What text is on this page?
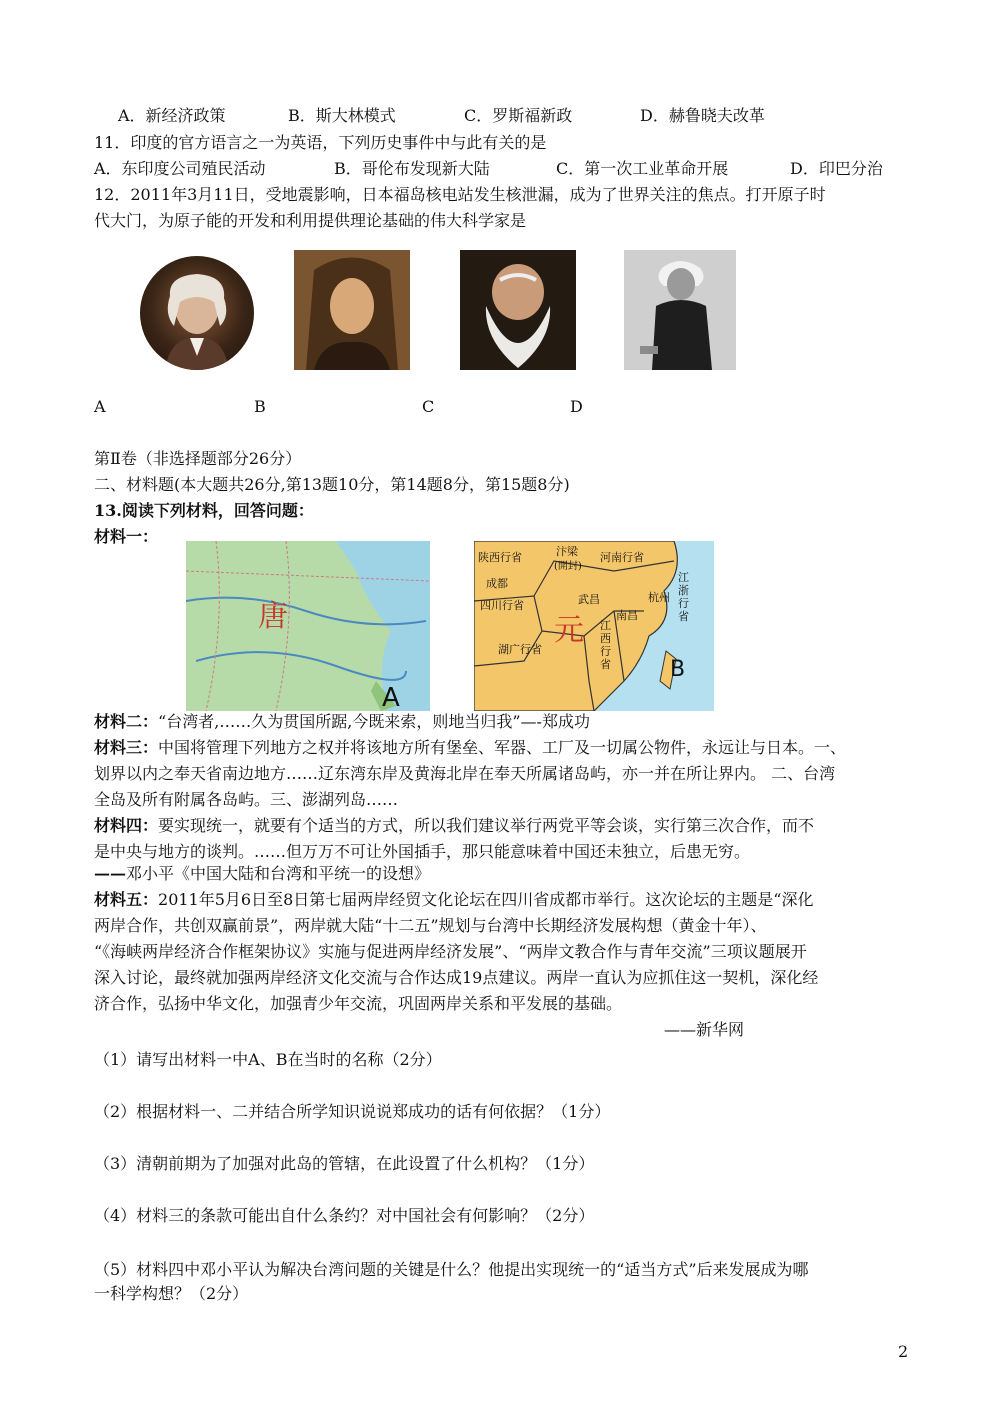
A．新经济政策	B．斯大林模式	C．罗斯福新政	D．赫鲁晓夫改革
11．印度的官方语言之一为英语，下列历史事件中与此有关的是
A．东印度公司殖民活动	B．哥伦布发现新大陆	C．第一次工业革命开展	D．印巴分治
12．2011年3月11日，受地震影响，日本福岛核电站发生核泄漏，成为了世界关注的焦点。打开原子时
代大门，为原子能的开发和利用提供理论基础的伟大科学家是
A	B	C	D
第Ⅱ卷（非选择题部分26分）
二、材料题(本大题共26分,第13题10分，第14题8分，第15题8分)
13.阅读下列材料，回答问题：
材料一：
唐
A
元
B
陕西行省	汴梁
(開封)
河南行省
成都
四川行省	武昌
南昌
杭州
江浙行省
湖广行省
江西行省
材料二：“台湾者,……久为贯国所踞,今既来索，则地当归我”—-郑成功
材料三：中国将管理下列地方之权并将该地方所有堡垒、军器、工厂及一切属公物件，永远让与日本。一、
划界以内之奉天省南边地方……辽东湾东岸及黄海北岸在奉天所属诸岛屿，亦一并在所让界内。 二、台湾
全岛及所有附属各岛屿。三、澎湖列岛……
材料四：要实现统一，就要有个适当的方式，所以我们建议举行两党平等会谈，实行第三次合作，而不
是中央与地方的谈判。……但万万不可让外国插手，那只能意味着中国还未独立，后患无穷。
——邓小平《中国大陆和台湾和平统一的设想》
材料五：2011年5月6日至8日第七届两岸经贸文化论坛在四川省成都市举行。这次论坛的主题是“深化
两岸合作，共创双赢前景”，两岸就大陆“十二五”规划与台湾中长期经济发展构想（黄金十年）、
“《海峡两岸经济合作框架协议》实施与促进两岸经济发展”、“两岸文教合作与青年交流”三项议题展开
深入讨论，最终就加强两岸经济文化交流与合作达成19点建议。两岸一直认为应抓住这一契机，深化经
济合作，弘扬中华文化，加强青少年交流，巩固两岸关系和平发展的基础。
——新华网
（1）请写出材料一中A、B在当时的名称（2分）
（2）根据材料一、二并结合所学知识说说郑成功的话有何依据？（1分）
（3）清朝前期为了加强对此岛的管辖，在此设置了什么机构？（1分）
（4）材料三的条款可能出自什么条约？对中国社会有何影响？（2分）
（5）材料四中邓小平认为解决台湾问题的关键是什么？他提出实现统一的“适当方式”后来发展成为哪
一科学构想？（2分）
2
